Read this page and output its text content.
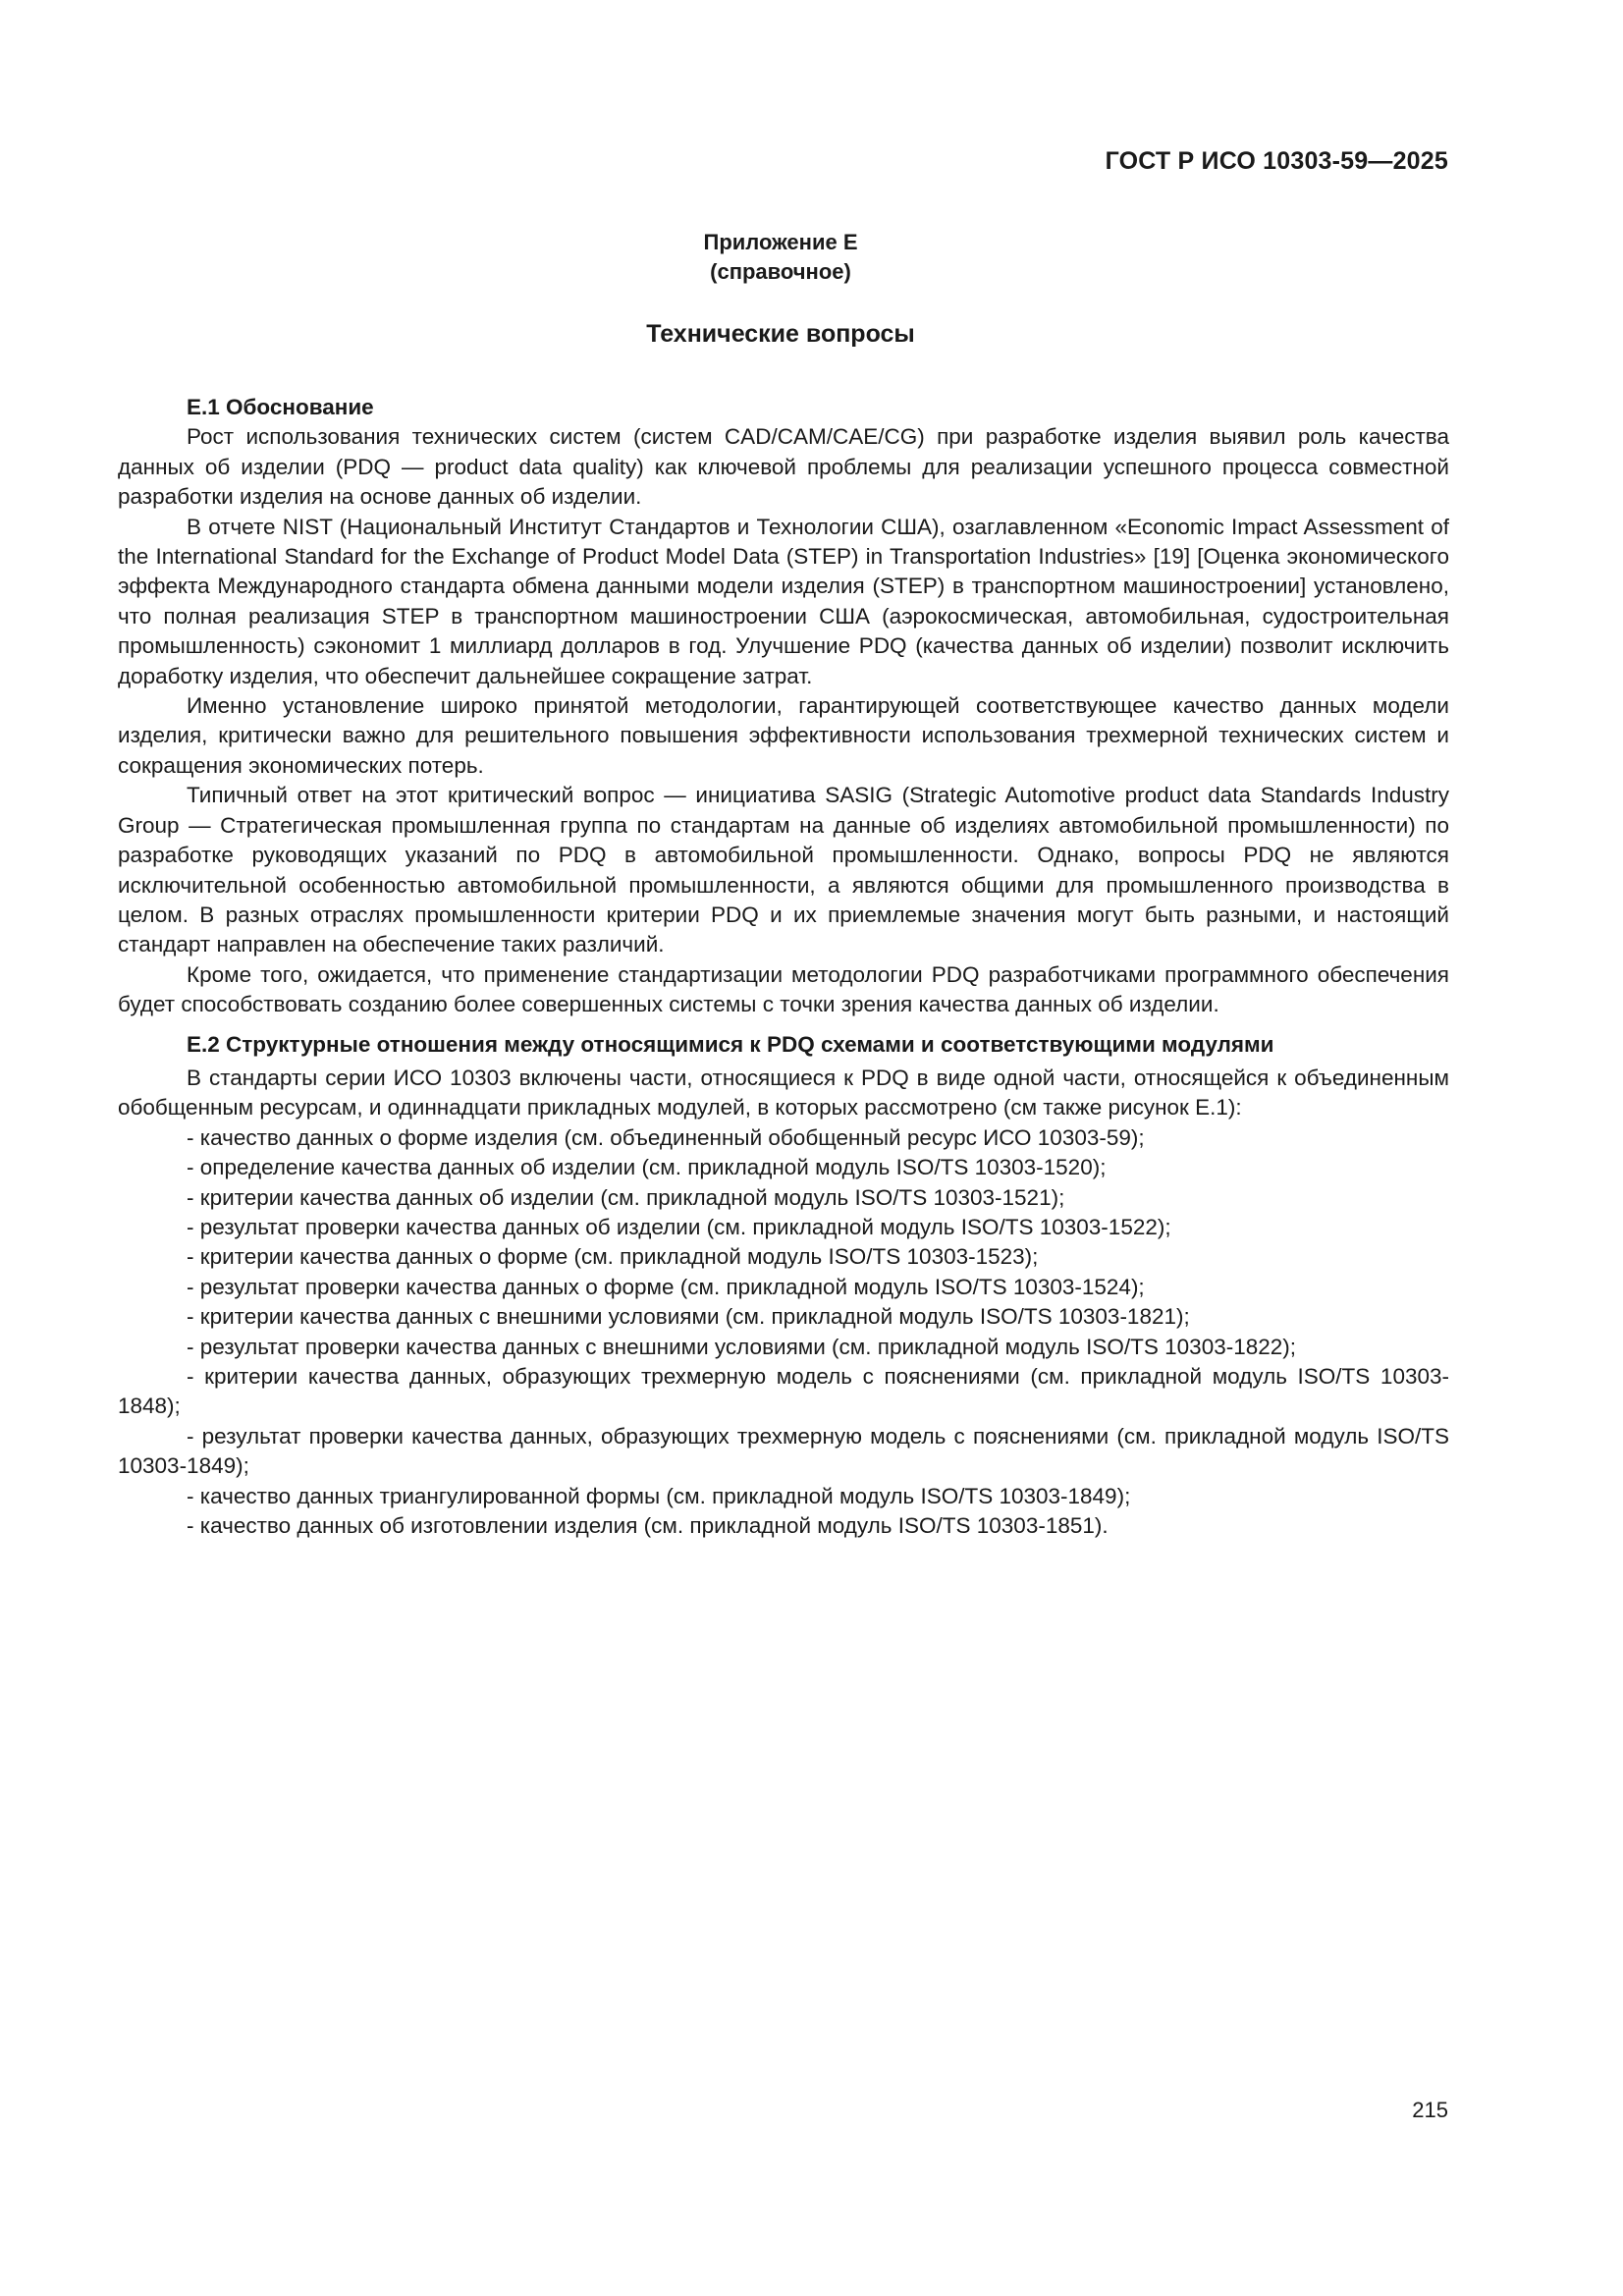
ГОСТ Р ИСО 10303-59—2025
Приложение Е
(справочное)
Технические вопросы

Е.1 Обоснование

Рост использования технических систем (систем CAD/CAM/CAE/CG) при разработке изделия выявил роль качества данных об изделии (PDQ — product data quality) как ключевой проблемы для реализации успешного процесса совместной разработки изделия на основе данных об изделии.

В отчете NIST (Национальный Институт Стандартов и Технологии США), озаглавленном «Economic Impact Assessment of the International Standard for the Exchange of Product Model Data (STEP) in Transportation Industries» [19] [Оценка экономического эффекта Международного стандарта обмена данными модели изделия (STEP) в транспортном машиностроении] установлено, что полная реализация STEP в транспортном машиностроении США (аэрокосмическая, автомобильная, судостроительная промышленность) сэкономит 1 миллиард долларов в год. Улучшение PDQ (качества данных об изделии) позволит исключить доработку изделия, что обеспечит дальнейшее сокращение затрат.

Именно установление широко принятой методологии, гарантирующей соответствующее качество данных модели изделия, критически важно для решительного повышения эффективности использования трехмерной технических систем и сокращения экономических потерь.

Типичный ответ на этот критический вопрос — инициатива SASIG (Strategic Automotive product data Standards Industry Group — Стратегическая промышленная группа по стандартам на данные об изделиях автомобильной промышленности) по разработке руководящих указаний по PDQ в автомобильной промышленности. Однако, вопросы PDQ не являются исключительной особенностью автомобильной промышленности, а являются общими для промышленного производства в целом. В разных отраслях промышленности критерии PDQ и их приемлемые значения могут быть разными, и настоящий стандарт направлен на обеспечение таких различий.

Кроме того, ожидается, что применение стандартизации методологии PDQ разработчиками программного обеспечения будет способствовать созданию более совершенных системы с точки зрения качества данных об изделии.

Е.2 Структурные отношения между относящимися к PDQ схемами и соответствующими модулями

В стандарты серии ИСО 10303 включены части, относящиеся к PDQ в виде одной части, относящейся к объединенным обобщенным ресурсам, и одиннадцати прикладных модулей, в которых рассмотрено (см также рисунок Е.1):

- качество данных о форме изделия (см. объединенный обобщенный ресурс ИСО 10303-59);
- определение качества данных об изделии (см. прикладной модуль ISO/TS 10303-1520);
- критерии качества данных об изделии (см. прикладной модуль ISO/TS 10303-1521);
- результат проверки качества данных об изделии (см. прикладной модуль ISO/TS 10303-1522);
- критерии качества данных о форме (см. прикладной модуль ISO/TS 10303-1523);
- результат проверки качества данных о форме (см. прикладной модуль ISO/TS 10303-1524);
- критерии качества данных с внешними условиями (см. прикладной модуль ISO/TS 10303-1821);
- результат проверки качества данных с внешними условиями (см. прикладной модуль ISO/TS 10303-1822);
- критерии качества данных, образующих трехмерную модель с пояснениями (см. прикладной модуль ISO/TS 10303-1848);
- результат проверки качества данных, образующих трехмерную модель с пояснениями (см. прикладной модуль ISO/TS 10303-1849);
- качество данных триангулированной формы (см. прикладной модуль ISO/TS 10303-1849);
- качество данных об изготовлении изделия (см. прикладной модуль ISO/TS 10303-1851).
215
